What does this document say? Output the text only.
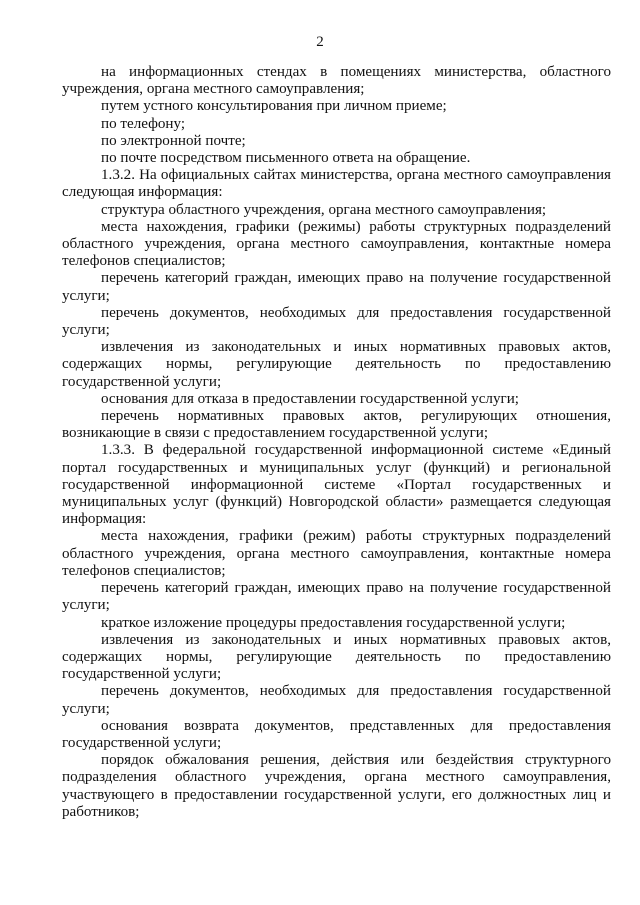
2

на информационных стендах в помещениях министерства, областного учреждения, органа местного самоуправления;

путем устного консультирования при личном приеме;

по телефону;

по электронной почте;

по почте посредством письменного ответа на обращение.

1.3.2. На официальных сайтах министерства, органа местного самоуправления следующая информация:

структура областного учреждения, органа местного самоуправления;

места нахождения, графики (режимы) работы структурных подразделений областного учреждения, органа местного самоуправления, контактные номера телефонов специалистов;

перечень категорий граждан, имеющих право на получение государственной услуги;

перечень документов, необходимых для предоставления государственной услуги;

извлечения из законодательных и иных нормативных правовых актов, содержащих нормы, регулирующие деятельность по предоставлению государственной услуги;

основания для отказа в предоставлении государственной услуги;

перечень нормативных правовых актов, регулирующих отношения, возникающие в связи с предоставлением государственной услуги;

1.3.3. В федеральной государственной информационной системе «Единый портал государственных и муниципальных услуг (функций) и региональной государственной информационной системе «Портал государственных и муниципальных услуг (функций) Новгородской области» размещается следующая информация:

места нахождения, графики (режим) работы структурных подразделений областного учреждения, органа местного самоуправления, контактные номера телефонов специалистов;

перечень категорий граждан, имеющих право на получение государственной услуги;

краткое изложение процедуры предоставления государственной услуги;

извлечения из законодательных и иных нормативных правовых актов, содержащих нормы, регулирующие деятельность по предоставлению государственной услуги;

перечень документов, необходимых для предоставления государственной услуги;

основания возврата документов, представленных для предоставления государственной услуги;

порядок обжалования решения, действия или бездействия структурного подразделения областного учреждения, органа местного самоуправления, участвующего в предоставлении государственной услуги, его должностных лиц и работников;
